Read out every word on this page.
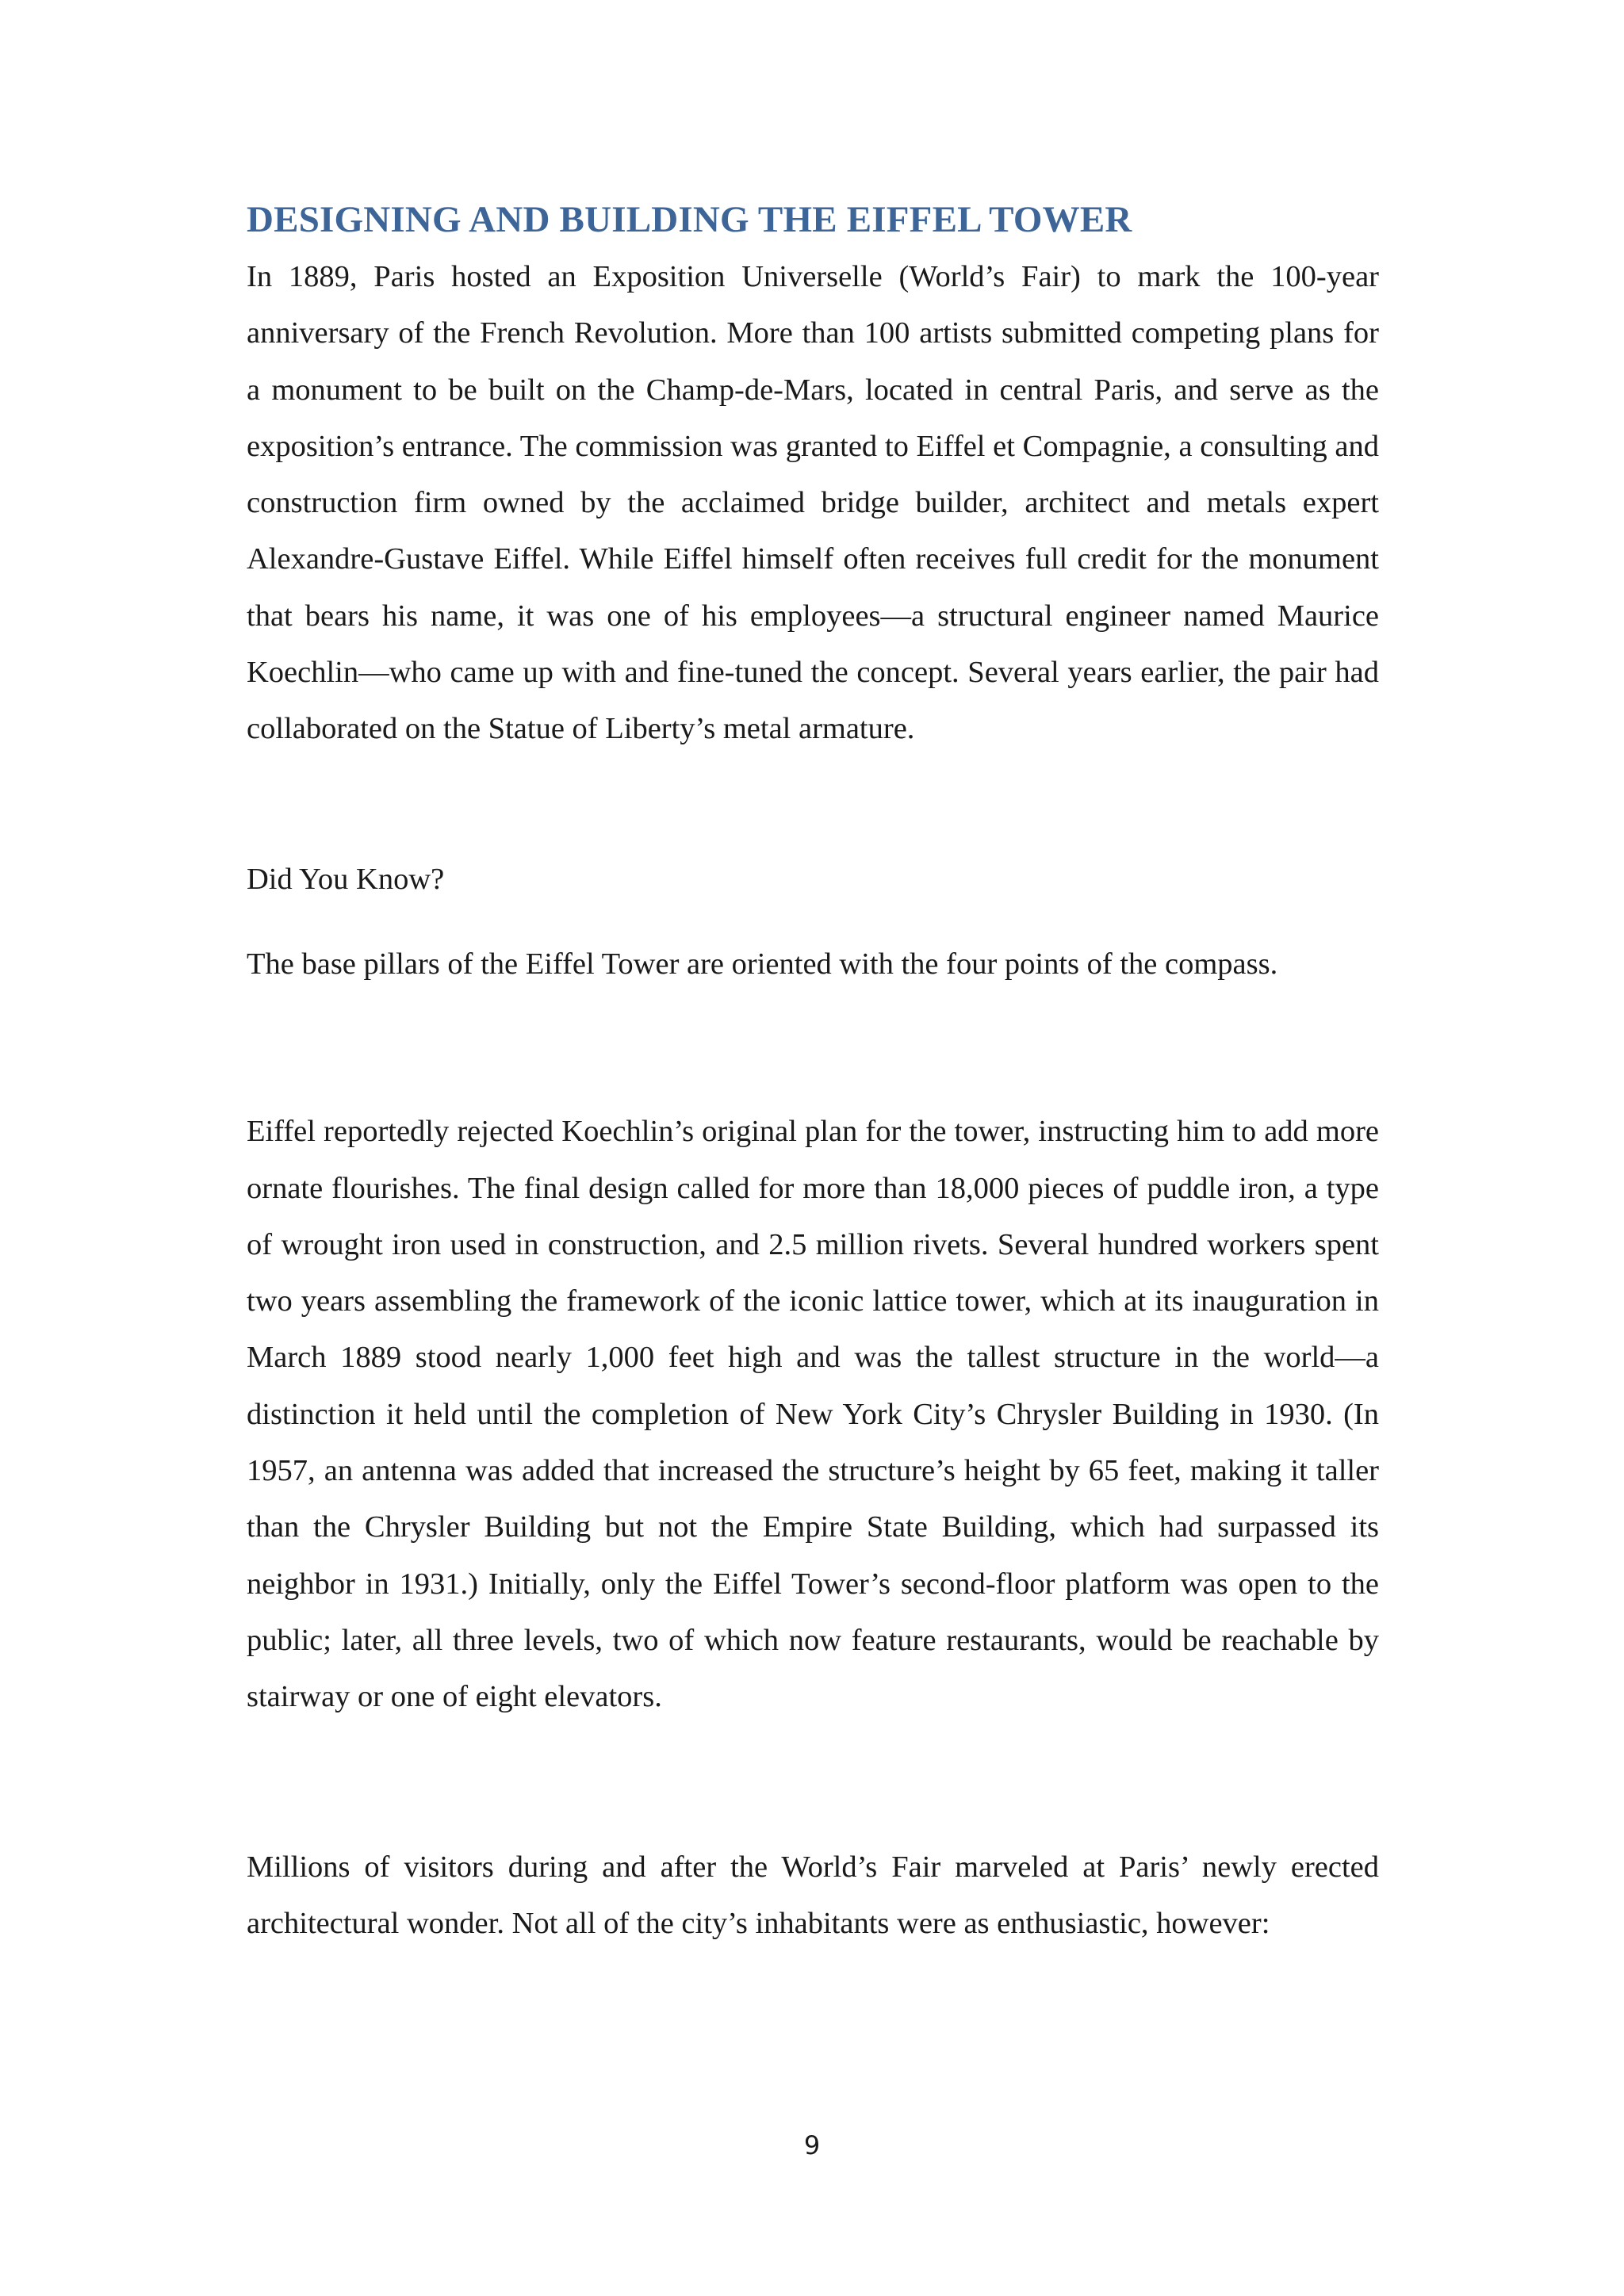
DESIGNING AND BUILDING THE EIFFEL TOWER

In 1889, Paris hosted an Exposition Universelle (World’s Fair) to mark the 100-year anniversary of the French Revolution. More than 100 artists submitted competing plans for a monument to be built on the Champ-de-Mars, located in central Paris, and serve as the exposition’s entrance. The commission was granted to Eiffel et Compagnie, a consulting and construction firm owned by the acclaimed bridge builder, architect and metals expert Alexandre-Gustave Eiffel. While Eiffel himself often receives full credit for the monument that bears his name, it was one of his employees—a structural engineer named Maurice Koechlin—who came up with and fine-tuned the concept. Several years earlier, the pair had collaborated on the Statue of Liberty’s metal armature.

Did You Know?

The base pillars of the Eiffel Tower are oriented with the four points of the compass.

Eiffel reportedly rejected Koechlin’s original plan for the tower, instructing him to add more ornate flourishes. The final design called for more than 18,000 pieces of puddle iron, a type of wrought iron used in construction, and 2.5 million rivets. Several hundred workers spent two years assembling the framework of the iconic lattice tower, which at its inauguration in March 1889 stood nearly 1,000 feet high and was the tallest structure in the world—a distinction it held until the completion of New York City’s Chrysler Building in 1930. (In 1957, an antenna was added that increased the structure’s height by 65 feet, making it taller than the Chrysler Building but not the Empire State Building, which had surpassed its neighbor in 1931.) Initially, only the Eiffel Tower’s second-floor platform was open to the public; later, all three levels, two of which now feature restaurants, would be reachable by stairway or one of eight elevators.

Millions of visitors during and after the World’s Fair marveled at Paris’ newly erected architectural wonder. Not all of the city’s inhabitants were as enthusiastic, however:

9
